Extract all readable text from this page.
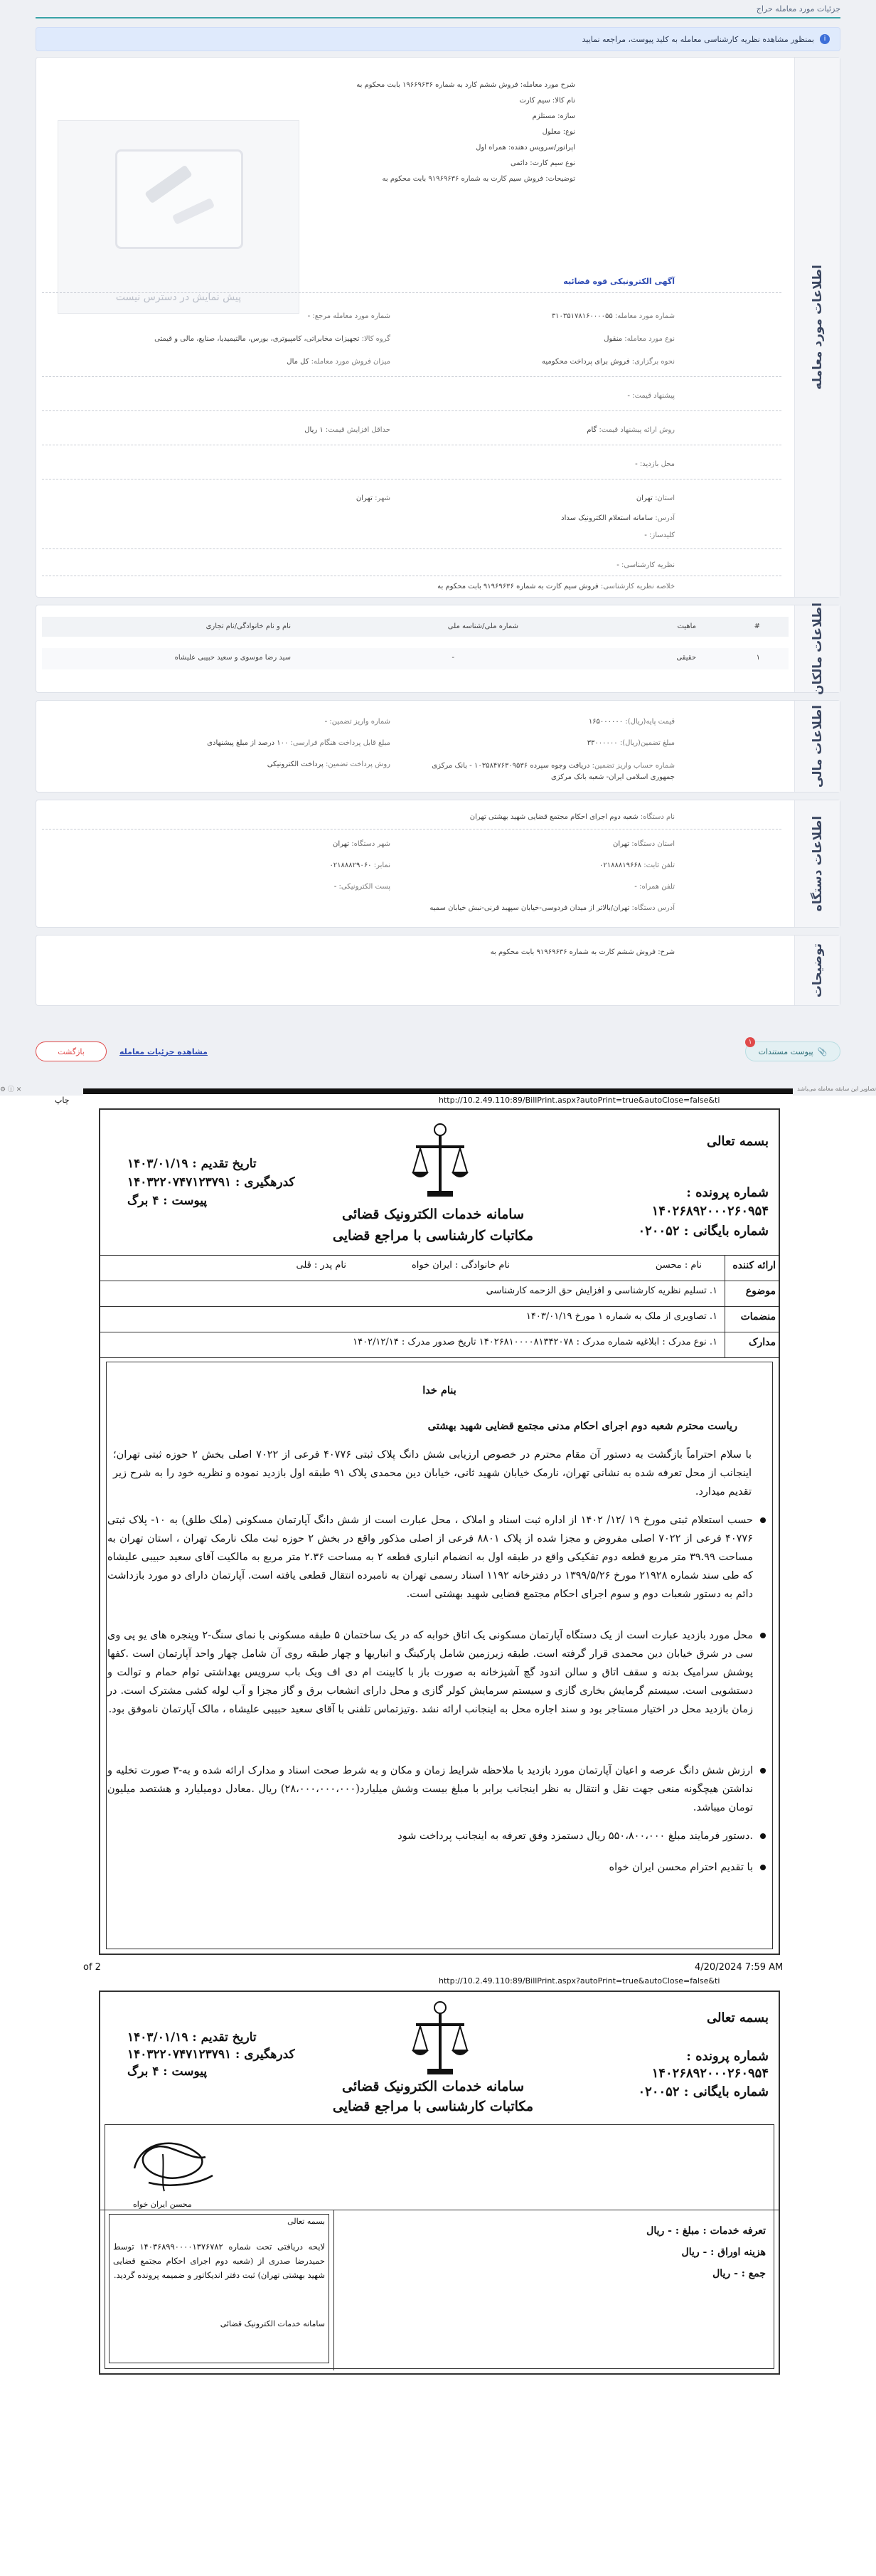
جزئیات مورد معامله حراج
i
بمنظور مشاهده نظریه کارشناسی معامله به کلید پیوست، مراجعه نمایید
اطلاعات مورد معامله
شرح مورد معامله: فروش ششم کارد به شماره ۱۹۶۶۹۶۳۶ بابت محکوم به
نام کالا: سیم کارت
سازه: مستلزم
نوع: معلول
اپراتور/سرویس دهنده: همراه اول
نوع سیم کارت: دائمی
توضیحات: فروش سیم کارت به شماره ۹۱۹۶۹۶۳۶ بابت محکوم به
پیش نمایش در دسترس نیست
آگهی الکترونیکی قوه قضائیه
شماره مورد معامله: ۳۱۰۳۵۱۷۸۱۶۰۰۰۰۵۵
شماره مورد معامله مرجع: -
نوع مورد معامله: منقول
گروه کالا: تجهیزات مخابراتی، کامپیوتری، بورس، مالتیمیدیا، صنایع، مالی و قیمتی
نحوه برگزاری: فروش برای پرداخت محکومیه
میزان فروش مورد معامله: کل مال
پیشنهاد قیمت: -
روش ارائه پیشنهاد قیمت: گام
حداقل افزایش قیمت: ۱ ریال
محل بازدید: -
استان: تهران
شهر: تهران
آدرس: سامانه استعلام الکترونیک سداد
کلیدساز: -
نظریه کارشناسی: -
خلاصه نظریه کارشناسی: فروش سیم کارت به شماره ۹۱۹۶۹۶۳۶ بابت محکوم به
اطلاعات مالکان
#
ماهیت
شماره ملی/شناسه ملی
نام و نام خانوادگی/نام تجاری
۱
حقیقی
-
سید رضا موسوی و سعید حبیبی علیشاه
اطلاعات مالی
قیمت پایه(ریال): ۱۶۵۰۰۰۰۰۰
شماره واریز تضمین: -
مبلغ تضمین(ریال): ۳۳۰۰۰۰۰۰
مبلغ قابل پرداخت هنگام فرارسی: ۱۰۰ درصد از مبلغ پیشنهادی
شماره حساب واریز تضمین: دریافت وجوه سپرده ۱۰۳۵۸۴۷۶۳۰۹۵۳۶ - بانک مرکزی جمهوری اسلامی ایران- شعبه بانک مرکزی
روش پرداخت تضمین: پرداخت الکترونیکی
اطلاعات دستگاه
نام دستگاه: شعبه دوم اجرای احکام مجتمع قضایی شهید بهشتی تهران
استان دستگاه: تهران
شهر دستگاه: تهران
تلفن ثابت: ۰۲۱۸۸۸۱۹۶۶۸
نمابر: ۰۲۱۸۸۸۲۹۰۶۰
تلفن همراه: -
پست الکترونیکی: -
آدرس دستگاه: تهران/بالاتر از میدان فردوسی-خیابان سپهبد قرنی-نبش خیابان سمیه
توضیحات
شرح: فروش ششم کارت به شماره ۹۱۹۶۹۶۳۶ بابت محکوم به
📎
پیوست مستندات
۱
مشاهده جزئیات معامله
بازگشت
تصاویر این سابقه معامله می‌باشد
⚙ ⓘ ✕
http://10.2.49.110:89/BillPrint.aspx?autoPrint=true&autoClose=false&ti
چاپ
بسمه تعالی
شماره پرونده :
۱۴۰۲۶۸۹۲۰۰۰۲۶۰۹۵۴
شماره بایگانی : ۰۲۰۰۵۲
سامانه خدمات الکترونیک قضائی
مکاتبات کارشناسی با مراجع قضایی
تاریخ تقدیم : ۱۴۰۳/۰۱/۱۹
کدرهگیری : ۱۴۰۳۲۲۰۷۴۷۱۲۳۷۹۱
پیوست : ۴ برگ
ارائه کننده
نام : محسن
نام خانوادگی : ایران خواه
نام پدر : قلی
موضوع
۱. تسلیم نظریه کارشناسی و افزایش حق الزحمه کارشناسی
منضمات
۱. تصاویری از ملک به شماره ۱ مورخ ۱۴۰۳/۰۱/۱۹
مدارک
۱. نوع مدرک : ابلاغیه شماره مدرک : ۱۴۰۲۶۸۱۰۰۰۰۸۱۳۴۲۰۷۸ تاریخ صدور مدرک : ۱۴۰۲/۱۲/۱۴
بنام خدا
ریاست محترم شعبه دوم اجرای احکام مدنی مجتمع قضایی شهید بهشتی
با سلام احتراماً بازگشت به دستور آن مقام محترم در خصوص ارزیابی شش دانگ پلاک ثبتی ۴۰۷۷۶ فرعی از ۷۰۲۲ اصلی بخش ۲ حوزه ثبتی تهران؛ اینجانب از محل تعرفه شده به نشانی تهران، نارمک خیابان شهید ثانی، خیابان دین محمدی پلاک ۹۱ طبقه اول بازدید نموده و نظریه خود را به شرح زیر تقدیم میدارد.
حسب استعلام ثبتی مورخ ۱۹ /۱۲/ ۱۴۰۲ از اداره ثبت اسناد و املاک ، محل عبارت است از شش دانگ آپارتمان مسکونی (ملک طلق) به ۱۰- پلاک ثبتی ۴۰۷۷۶ فرعی از ۷۰۲۲ اصلی مفروض و مجزا شده از پلاک ۸۸۰۱ فرعی از اصلی مذکور واقع در بخش ۲ حوزه ثبت ملک نارمک تهران ، استان تهران به مساحت ۳۹.۹۹ متر مربع قطعه دوم تفکیکی واقع در طبقه اول به انضمام انباری قطعه ۲ به مساحت ۲.۳۶ متر مربع به مالکیت آقای سعید حبیبی علیشاه که طی سند شماره ۲۱۹۲۸ مورخ ۱۳۹۹/۵/۲۶ در دفترخانه ۱۱۹۲ اسناد رسمی تهران به نامبرده انتقال قطعی یافته است. آپارتمان دارای دو مورد بازداشت دائم به دستور شعبات دوم و سوم اجرای احکام مجتمع قضایی شهید بهشتی است.
محل مورد بازدید عبارت است از یک دستگاه آپارتمان مسکونی یک اتاق خوابه که در یک ساختمان ۵ طبقه مسکونی با نمای سنگ-۲ وپنجره های یو پی وی سی در شرق خیابان دین محمدی قرار گرفته است. طبقه زیرزمین شامل پارکینگ و انباریها و چهار طبقه روی آن شامل چهار واحد آپارتمان است .کفها پوشش سرامیک بدنه و سقف اتاق و سالن اندود گچ آشپزخانه به صورت باز با کابینت ام دی اف ویک باب سرویس بهداشتی توام حمام و توالت و دستشویی است. سیستم گرمایش بخاری گازی و سیستم سرمایش کولر گازی و محل دارای انشعاب برق و گاز مجزا و آب لوله کشی مشترک است. در زمان بازدید محل در اختیار مستاجر بود و سند اجاره محل به اینجانب ارائه نشد .وتیزتماس تلفنی با آقای سعید حبیبی علیشاه ، مالک آپارتمان ناموفق بود.
ارزش شش دانگ عرصه و اعیان آپارتمان مورد بازدید با ملاحظه شرایط زمان و مکان و به شرط صحت اسناد و مدارک ارائه شده و به-۳ صورت تخلیه و نداشتن هیچگونه منعی جهت نقل و انتقال به نظر اینجانب برابر با مبلغ بیست وشش میلیارد(۲۸،۰۰۰،۰۰۰،۰۰۰) ریال .معادل دومیلیارد و هشتصد میلیون تومان میباشد.
.دستور فرمایند مبلغ ۵۵۰،۸۰۰،۰۰۰ ریال دستمزد وفق تعرفه به اینجانب پرداخت شود
با تقدیم احترام محسن ایران خواه
of 2	4/20/2024 7:59 AM
http://10.2.49.110:89/BillPrint.aspx?autoPrint=true&autoClose=false&ti
بسمه تعالی
شماره پرونده :
۱۴۰۲۶۸۹۲۰۰۰۲۶۰۹۵۴
شماره بایگانی : ۰۲۰۰۵۲
سامانه خدمات الکترونیک قضائی
مکاتبات کارشناسی با مراجع قضایی
تاریخ تقدیم : ۱۴۰۳/۰۱/۱۹
کدرهگیری : ۱۴۰۳۲۲۰۷۴۷۱۲۳۷۹۱
پیوست : ۴ برگ
محسن ایران خواه
تعرفه خدمات : مبلغ : - ریال
هزینه اوراق : - ریال
جمع : - ریال
بسمه تعالی
لایحه دریافتی تحت شماره ۱۴۰۳۶۸۹۹۰۰۰۰۱۳۷۶۷۸۲ توسط حمیدرضا صدری از (شعبه دوم اجرای احکام مجتمع قضایی شهید بهشتی تهران) ثبت دفتر اندیکاتور و ضمیمه پرونده گردید.
سامانه خدمات الکترونیک قضائی
